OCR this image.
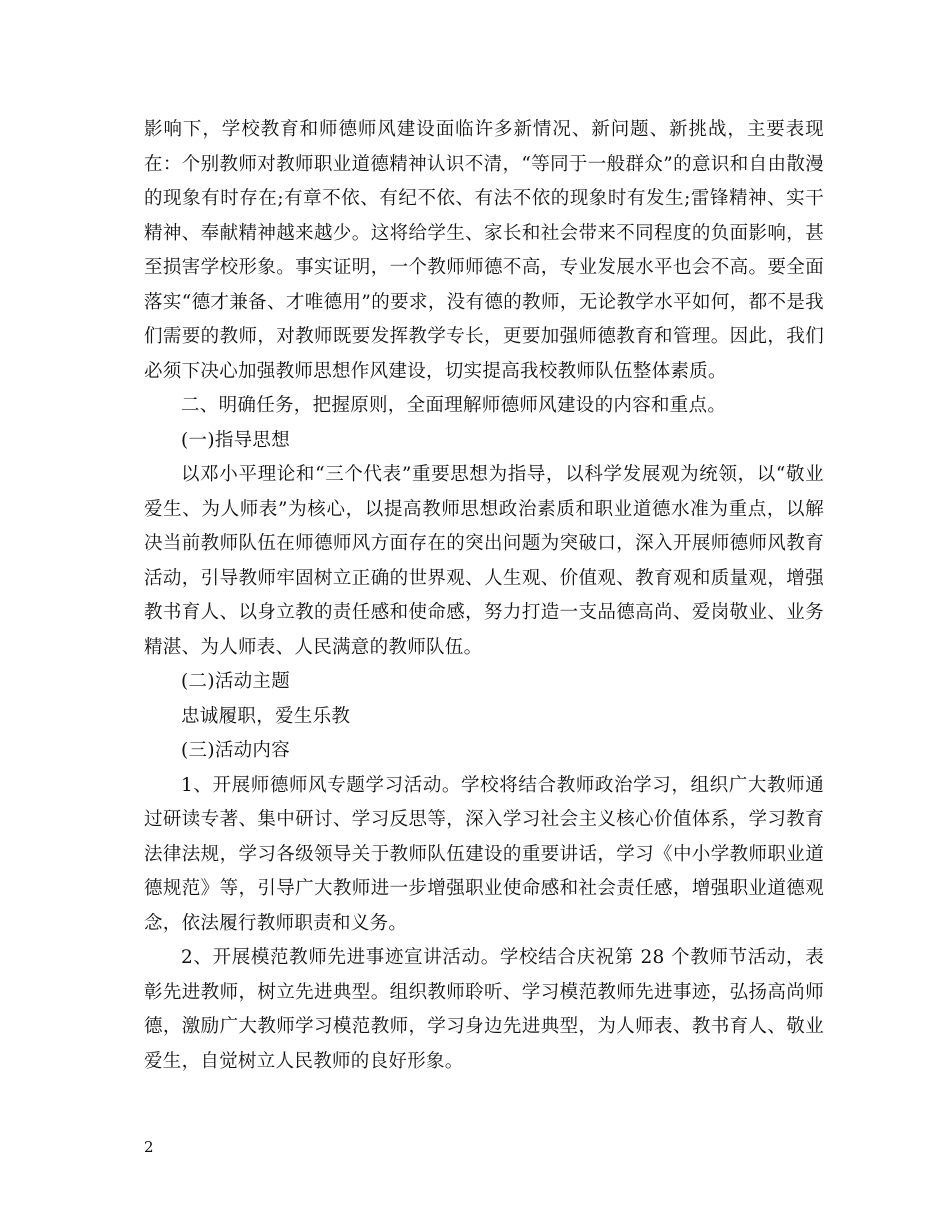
影响下，学校教育和师德师风建设面临许多新情况、新问题、新挑战，主要表现在：个别教师对教师职业道德精神认识不清，“等同于一般群众”的意识和自由散漫的现象有时存在;有章不依、有纪不依、有法不依的现象时有发生;雷锋精神、实干精神、奉献精神越来越少。这将给学生、家长和社会带来不同程度的负面影响，甚至损害学校形象。事实证明，一个教师师德不高，专业发展水平也会不高。要全面落实“德才兼备、才唯德用”的要求，没有德的教师，无论教学水平如何，都不是我们需要的教师，对教师既要发挥教学专长，更要加强师德教育和管理。因此，我们必须下决心加强教师思想作风建设，切实提高我校教师队伍整体素质。

二、明确任务，把握原则，全面理解师德师风建设的内容和重点。

(一)指导思想

以邓小平理论和“三个代表”重要思想为指导，以科学发展观为统领，以“敬业爱生、为人师表”为核心，以提高教师思想政治素质和职业道德水准为重点，以解决当前教师队伍在师德师风方面存在的突出问题为突破口，深入开展师德师风教育活动，引导教师牢固树立正确的世界观、人生观、价值观、教育观和质量观，增强教书育人、以身立教的责任感和使命感，努力打造一支品德高尚、爱岗敬业、业务精湛、为人师表、人民满意的教师队伍。

(二)活动主题

忠诚履职，爱生乐教

(三)活动内容

1、开展师德师风专题学习活动。学校将结合教师政治学习，组织广大教师通过研读专著、集中研讨、学习反思等，深入学习社会主义核心价值体系，学习教育法律法规，学习各级领导关于教师队伍建设的重要讲话，学习《中小学教师职业道德规范》等，引导广大教师进一步增强职业使命感和社会责任感，增强职业道德观念，依法履行教师职责和义务。

2、开展模范教师先进事迹宣讲活动。学校结合庆祝第 28 个教师节活动，表彰先进教师，树立先进典型。组织教师聆听、学习模范教师先进事迹，弘扬高尚师德，激励广大教师学习模范教师，学习身边先进典型，为人师表、教书育人、敬业爱生，自觉树立人民教师的良好形象。

2
